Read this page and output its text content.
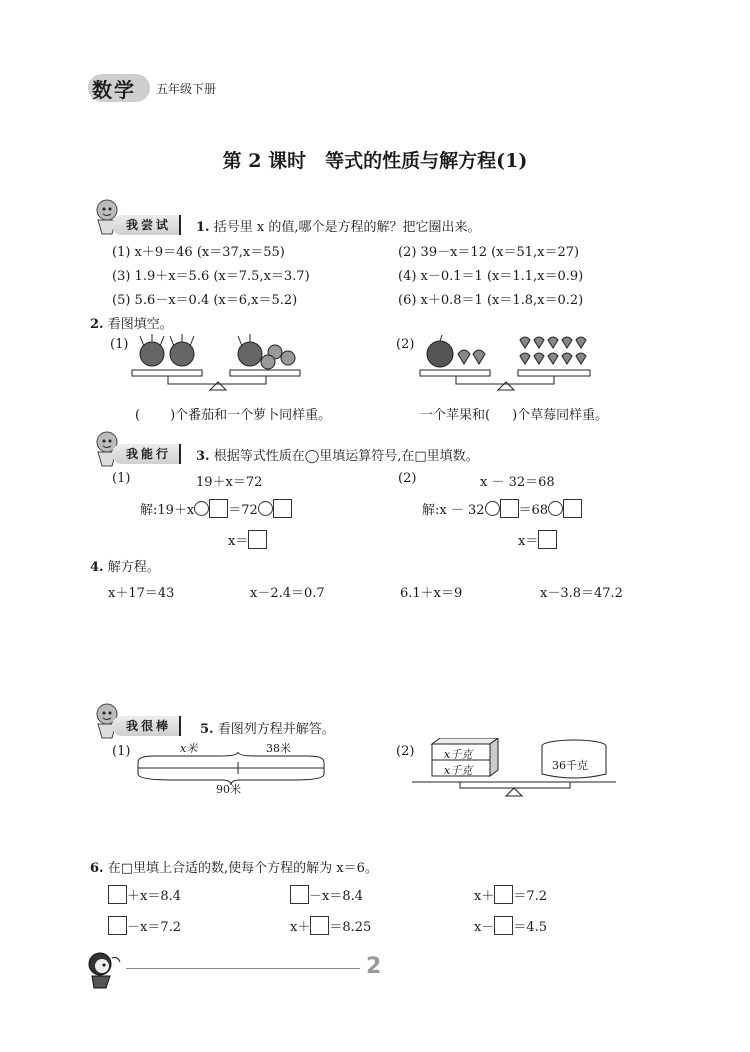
数学 五年级下册
第 2 课时　等式的性质与解方程(1)
我尝试	1. 括号里 x 的值,哪个是方程的解？把它圈出来。
(1) x＋9＝46 (x＝37,x＝55)	(2) 39－x＝12 (x＝51,x＝27)
(3) 1.9＋x＝5.6 (x＝7.5,x＝3.7)	(4) x－0.1＝1 (x＝1.1,x＝0.9)
(5) 5.6－x＝0.4 (x＝6,x＝5.2)	(6) x＋0.8＝1 (x＝1.8,x＝0.2)
2. 看图填空。
(1)
( )个番茄和一个萝卜同样重。
(2)
一个苹果和( )个草莓同样重。
我能行	3. 根据等式性质在◯里填运算符号,在□里填数。
(1)	19＋x＝72
解:19＋x	＝72
x＝
(2)	x － 32＝68
解:x － 32	＝68
x＝
4. 解方程。
x＋17＝43	x－2.4＝0.7	6.1＋x＝9	x－3.8＝47.2
我很棒	5. 看图列方程并解答。
(1)	x米	38米
90米
(2)	x千克
x千克	36千克
6. 在□里填上合适的数,使每个方程的解为 x＝6。
＋x＝8.4	－x＝8.4	x＋ ＝7.2
－x＝7.2	x＋ ＝8.25	x－ ＝4.5
2
